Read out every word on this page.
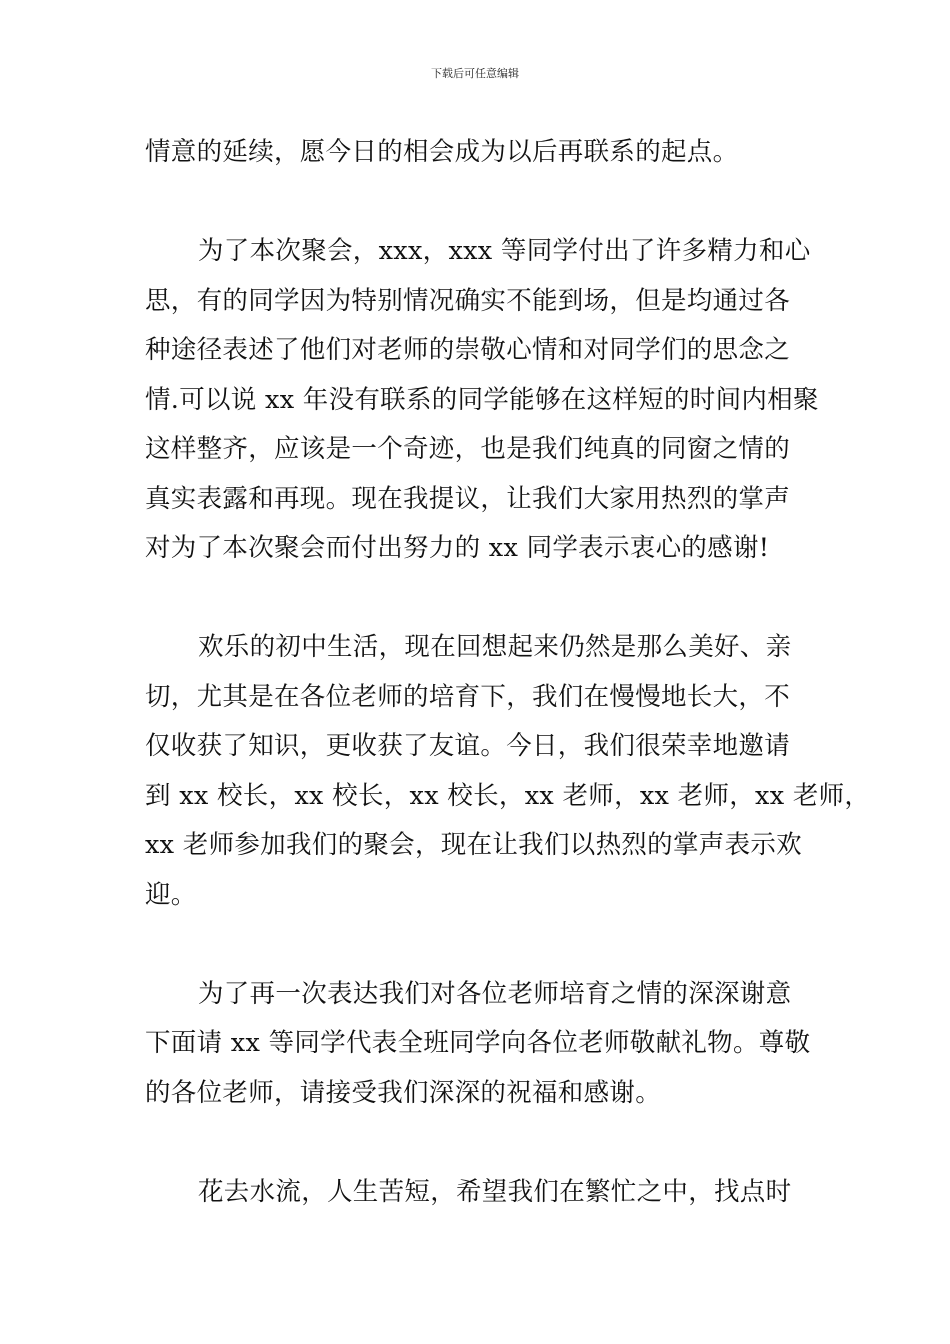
下载后可任意编辑
情意的延续，愿今日的相会成为以后再联系的起点。
为了本次聚会，xxx，xxx 等同学付出了许多精力和心
思，有的同学因为特别情况确实不能到场，但是均通过各
种途径表述了他们对老师的崇敬心情和对同学们的思念之
情.可以说 xx 年没有联系的同学能够在这样短的时间内相聚
这样整齐，应该是一个奇迹，也是我们纯真的同窗之情的
真实表露和再现。现在我提议，让我们大家用热烈的掌声
对为了本次聚会而付出努力的 xx 同学表示衷心的感谢!
欢乐的初中生活，现在回想起来仍然是那么美好、亲
切，尤其是在各位老师的培育下，我们在慢慢地长大，不
仅收获了知识，更收获了友谊。今日，我们很荣幸地邀请
到 xx 校长，xx 校长，xx 校长，xx 老师，xx 老师，xx 老师，
xx 老师参加我们的聚会，现在让我们以热烈的掌声表示欢
迎。
为了再一次表达我们对各位老师培育之情的深深谢意
下面请 xx 等同学代表全班同学向各位老师敬献礼物。尊敬
的各位老师，请接受我们深深的祝福和感谢。
花去水流，人生苦短，希望我们在繁忙之中，找点时
